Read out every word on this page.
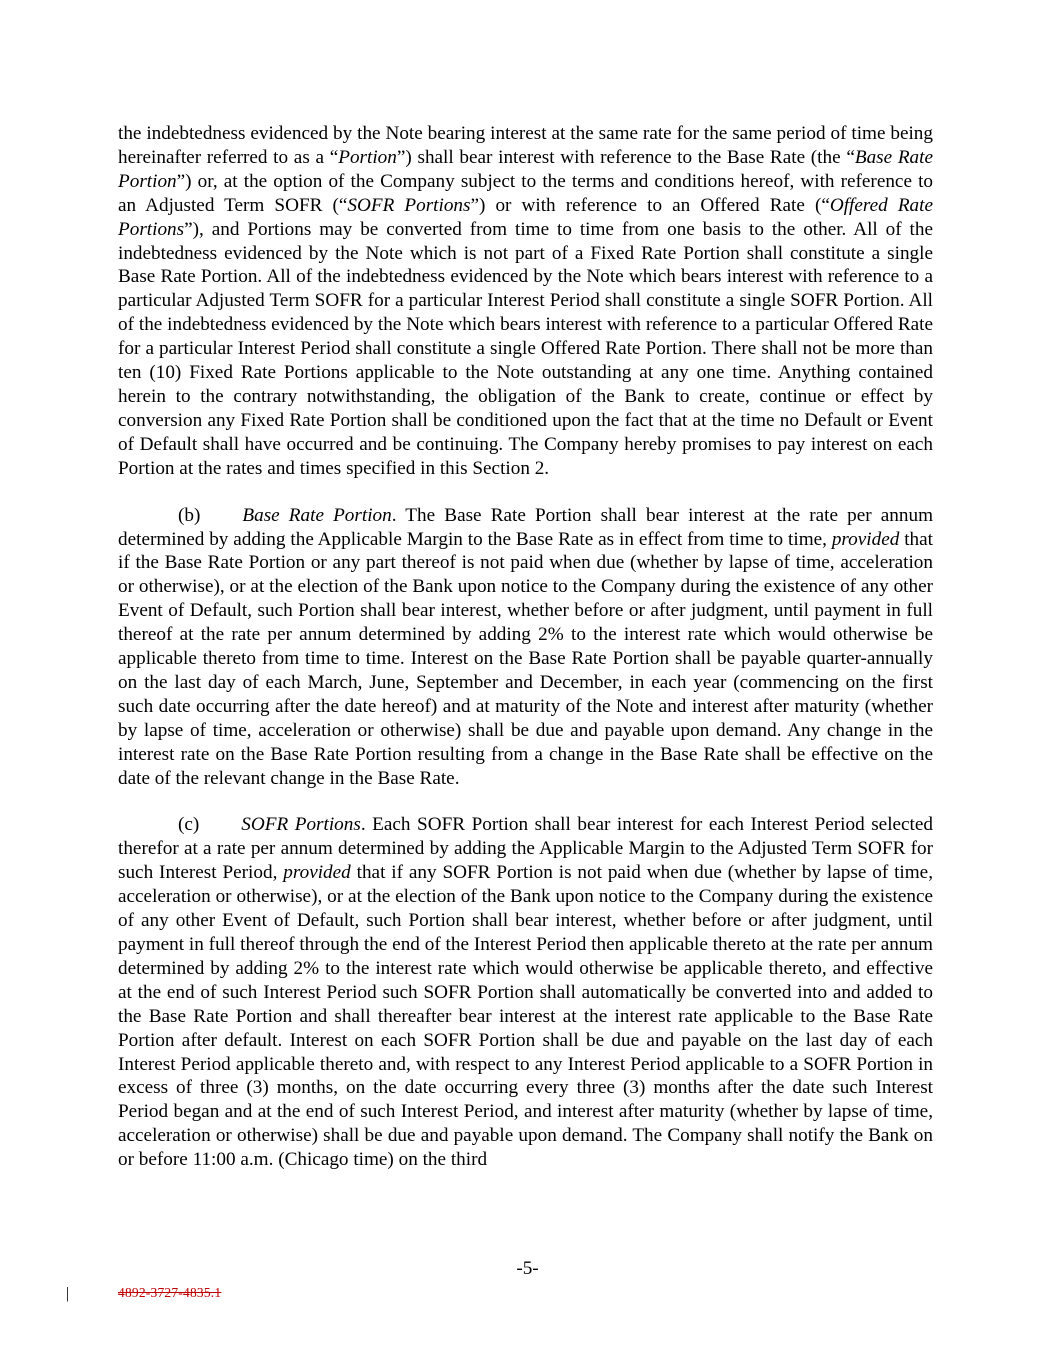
the indebtedness evidenced by the Note bearing interest at the same rate for the same period of time being hereinafter referred to as a “Portion”) shall bear interest with reference to the Base Rate (the “Base Rate Portion”) or, at the option of the Company subject to the terms and conditions hereof, with reference to an Adjusted Term SOFR (“SOFR Portions”) or with reference to an Offered Rate (“Offered Rate Portions”), and Portions may be converted from time to time from one basis to the other. All of the indebtedness evidenced by the Note which is not part of a Fixed Rate Portion shall constitute a single Base Rate Portion. All of the indebtedness evidenced by the Note which bears interest with reference to a particular Adjusted Term SOFR for a particular Interest Period shall constitute a single SOFR Portion. All of the indebtedness evidenced by the Note which bears interest with reference to a particular Offered Rate for a particular Interest Period shall constitute a single Offered Rate Portion. There shall not be more than ten (10) Fixed Rate Portions applicable to the Note outstanding at any one time. Anything contained herein to the contrary notwithstanding, the obligation of the Bank to create, continue or effect by conversion any Fixed Rate Portion shall be conditioned upon the fact that at the time no Default or Event of Default shall have occurred and be continuing. The Company hereby promises to pay interest on each Portion at the rates and times specified in this Section 2.

(b) Base Rate Portion. The Base Rate Portion shall bear interest at the rate per annum determined by adding the Applicable Margin to the Base Rate as in effect from time to time, provided that if the Base Rate Portion or any part thereof is not paid when due (whether by lapse of time, acceleration or otherwise), or at the election of the Bank upon notice to the Company during the existence of any other Event of Default, such Portion shall bear interest, whether before or after judgment, until payment in full thereof at the rate per annum determined by adding 2% to the interest rate which would otherwise be applicable thereto from time to time. Interest on the Base Rate Portion shall be payable quarter-annually on the last day of each March, June, September and December, in each year (commencing on the first such date occurring after the date hereof) and at maturity of the Note and interest after maturity (whether by lapse of time, acceleration or otherwise) shall be due and payable upon demand. Any change in the interest rate on the Base Rate Portion resulting from a change in the Base Rate shall be effective on the date of the relevant change in the Base Rate.

(c) SOFR Portions. Each SOFR Portion shall bear interest for each Interest Period selected therefor at a rate per annum determined by adding the Applicable Margin to the Adjusted Term SOFR for such Interest Period, provided that if any SOFR Portion is not paid when due (whether by lapse of time, acceleration or otherwise), or at the election of the Bank upon notice to the Company during the existence of any other Event of Default, such Portion shall bear interest, whether before or after judgment, until payment in full thereof through the end of the Interest Period then applicable thereto at the rate per annum determined by adding 2% to the interest rate which would otherwise be applicable thereto, and effective at the end of such Interest Period such SOFR Portion shall automatically be converted into and added to the Base Rate Portion and shall thereafter bear interest at the interest rate applicable to the Base Rate Portion after default. Interest on each SOFR Portion shall be due and payable on the last day of each Interest Period applicable thereto and, with respect to any Interest Period applicable to a SOFR Portion in excess of three (3) months, on the date occurring every three (3) months after the date such Interest Period began and at the end of such Interest Period, and interest after maturity (whether by lapse of time, acceleration or otherwise) shall be due and payable upon demand. The Company shall notify the Bank on or before 11:00 a.m. (Chicago time) on the third

-5-
|	4892-3727-4835.1
